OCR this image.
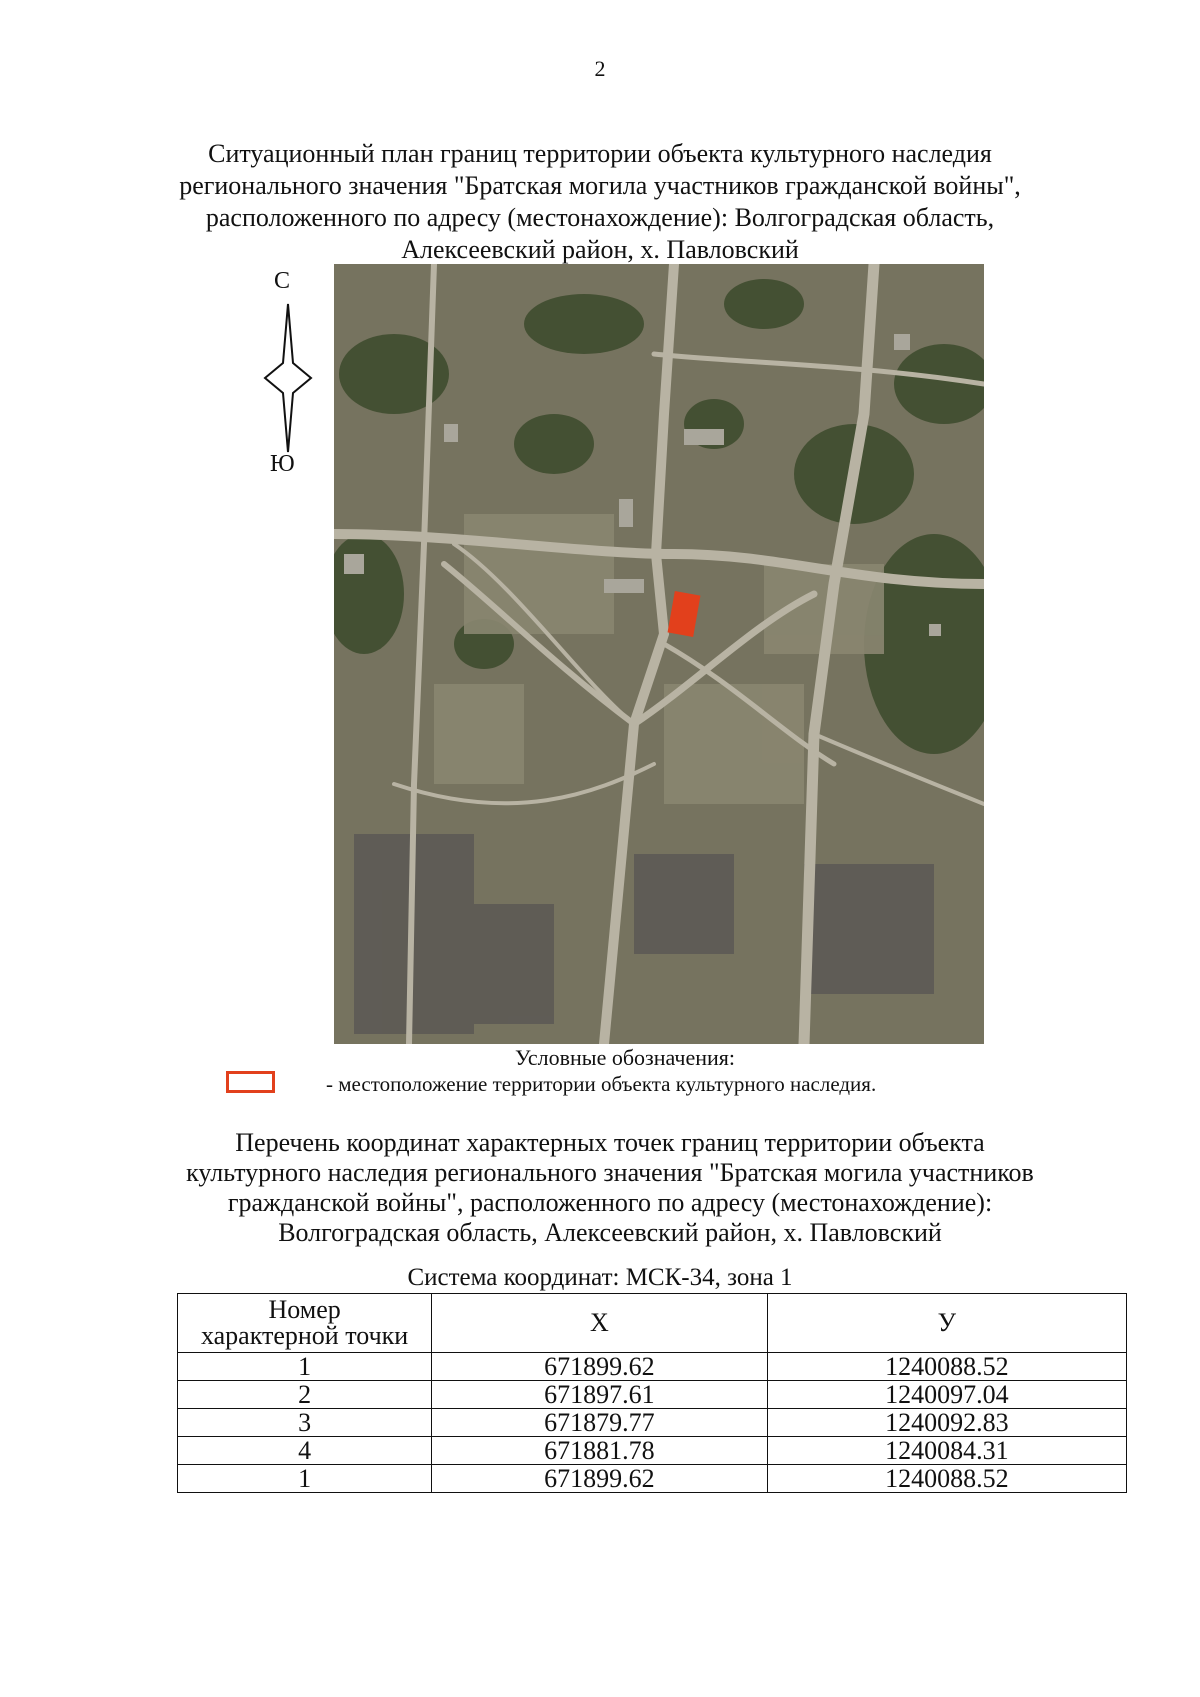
2
Ситуационный план границ территории объекта культурного наследия
регионального значения "Братская могила участников гражданской войны",
расположенного по адресу (местонахождение): Волгоградская область,
Алексеевский район, х. Павловский
С
Ю
Условные обозначения:
- местоположение территории объекта культурного наследия.
Перечень координат характерных точек границ территории объекта
культурного наследия регионального значения "Братская могила участников
гражданской войны", расположенного по адресу (местонахождение):
Волгоградская область, Алексеевский район, х. Павловский
Система координат: МСК-34, зона 1
Номер
характерной точки	X	У
1	671899.62	1240088.52
2	671897.61	1240097.04
3	671879.77	1240092.83
4	671881.78	1240084.31
1	671899.62	1240088.52
